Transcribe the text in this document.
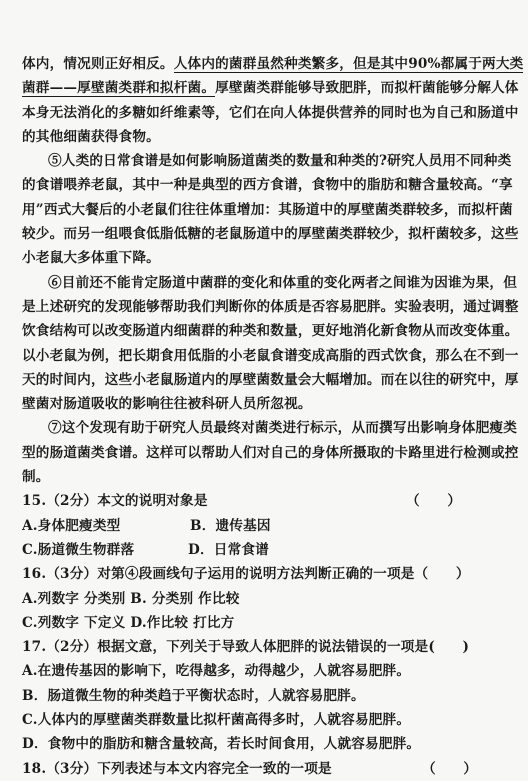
体内，情况则正好相反。人体内的菌群虽然种类繁多，但是其中90%都属于两大类
菌群——厚壁菌类群和拟杆菌。厚壁菌类群能够导致肥胖，而拟杆菌能够分解人体
本身无法消化的多糖如纤维素等，它们在向人体提供营养的同时也为自己和肠道中
的其他细菌获得食物。
⑤人类的日常食谱是如何影响肠道菌类的数量和种类的?研究人员用不同种类
的食谱喂养老鼠，其中一种是典型的西方食谱，食物中的脂肪和糖含量较高。“享
用”西式大餐后的小老鼠们往往体重增加：其肠道中的厚壁菌类群较多，而拟杆菌
较少。而另一组喂食低脂低糖的老鼠肠道中的厚壁菌类群较少，拟杆菌较多，这些
小老鼠大多体重下降。
⑥目前还不能肯定肠道中菌群的变化和体重的变化两者之间谁为因谁为果，但
是上述研究的发现能够帮助我们判断你的体质是否容易肥胖。实验表明，通过调整
饮食结构可以改变肠道内细菌群的种类和数量，更好地消化新食物从而改变体重。
以小老鼠为例，把长期食用低脂的小老鼠食谱变成高脂的西式饮食，那么在不到一
天的时间内，这些小老鼠肠道内的厚壁菌数量会大幅增加。而在以往的研究中，厚
壁菌对肠道吸收的影响往往被科研人员所忽视。
⑦这个发现有助于研究人员最终对菌类进行标示，从而撰写出影响身体肥瘦类
型的肠道菌类食谱。这样可以帮助人们对自己的身体所摄取的卡路里进行检测或控
制。
15.（2分）本文的说明对象是	（　　）
A.身体肥瘦类型	B．遗传基因
C.肠道微生物群落	D．日常食谱
16.（3分）对第④段画线句子运用的说明方法判断正确的一项是（　　）
A.列数字 分类别 B. 分类别 作比较
C.列数字 下定义 D.作比较 打比方
17.（2分）根据文意，下列关于导致人体肥胖的说法错误的一项是(　　)
A.在遗传基因的影响下，吃得越多，动得越少，人就容易肥胖。
B．肠道微生物的种类趋于平衡状态时，人就容易肥胖。
C.人体内的厚壁菌类群数量比拟杆菌高得多时，人就容易肥胖。
D．食物中的脂肪和糖含量较高，若长时间食用，人就容易肥胖。
18.（3分）下列表述与本文内容完全一致的一项是	（　　）
